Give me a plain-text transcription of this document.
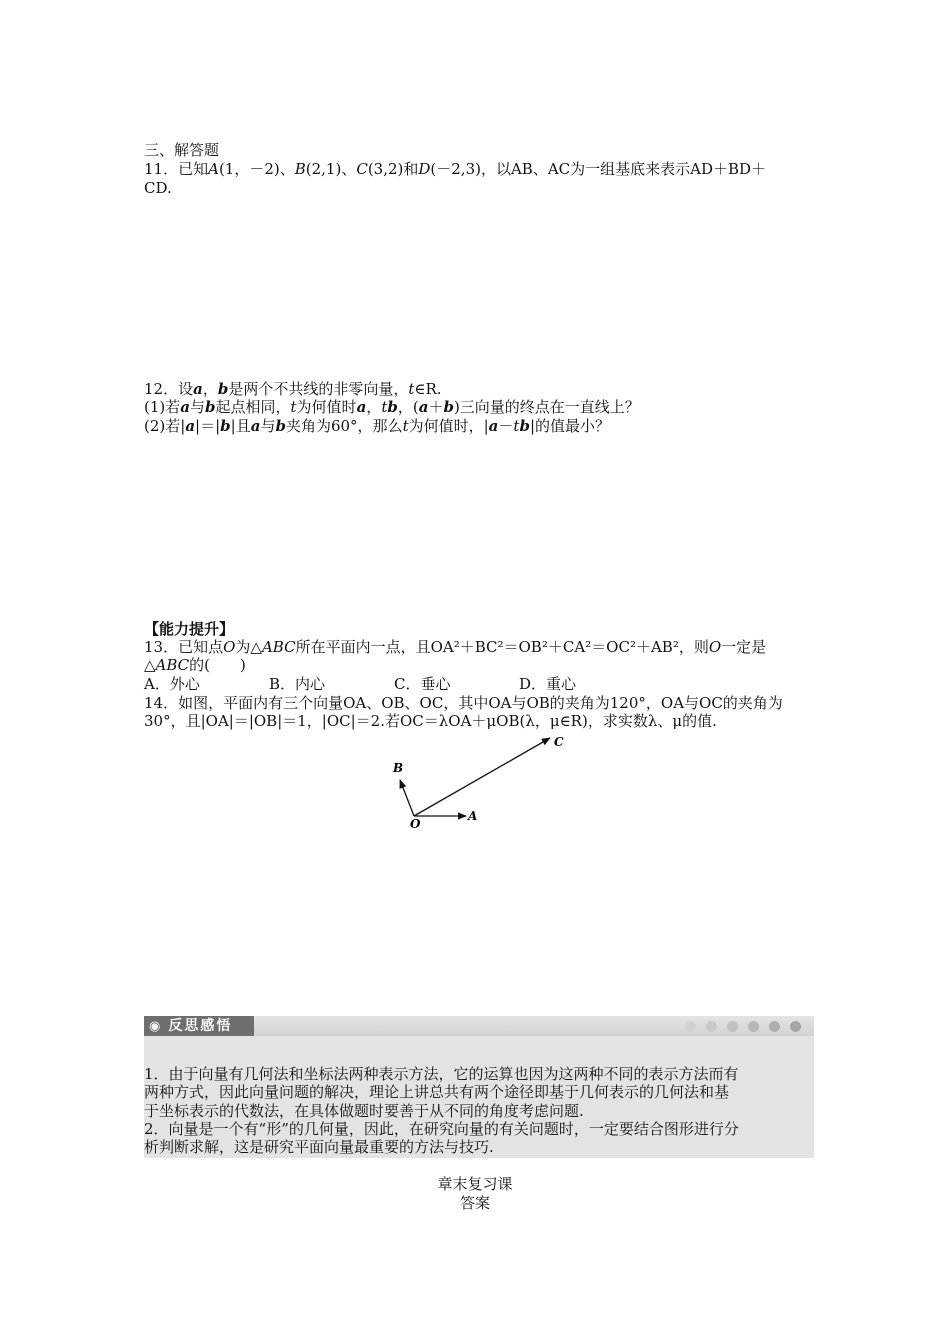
三、解答题
11．已知A(1，－2)、B(2,1)、C(3,2)和D(－2,3)，以AB、AC为一组基底来表示AD＋BD＋
CD.
12．设a，b是两个不共线的非零向量，t∈R.
(1)若a与b起点相同，t为何值时a，tb，(a＋b)三向量的终点在一直线上？
(2)若|a|＝|b|且a与b夹角为60°，那么t为何值时，|a－tb|的值最小？
【能力提升】
13．已知点O为△ABC所在平面内一点，且OA²＋BC²＝OB²＋CA²＝OC²＋AB²，则O一定是
△ABC的(　　)
A．外心	B．内心	C．垂心	D．重心
14．如图，平面内有三个向量OA、OB、OC，其中OA与OB的夹角为120°，OA与OC的夹角为
30°，且|OA|＝|OB|＝1，|OC|＝2.若OC＝λOA＋μOB(λ，μ∈R)，求实数λ、μ的值.
O
A
B
C
◉ 反思感悟
1．由于向量有几何法和坐标法两种表示方法，它的运算也因为这两种不同的表示方法而有
两种方式，因此向量问题的解决，理论上讲总共有两个途径即基于几何表示的几何法和基
于坐标表示的代数法，在具体做题时要善于从不同的角度考虑问题.
2．向量是一个有“形”的几何量，因此，在研究向量的有关问题时，一定要结合图形进行分
析判断求解，这是研究平面向量最重要的方法与技巧.
章末复习课
答案
